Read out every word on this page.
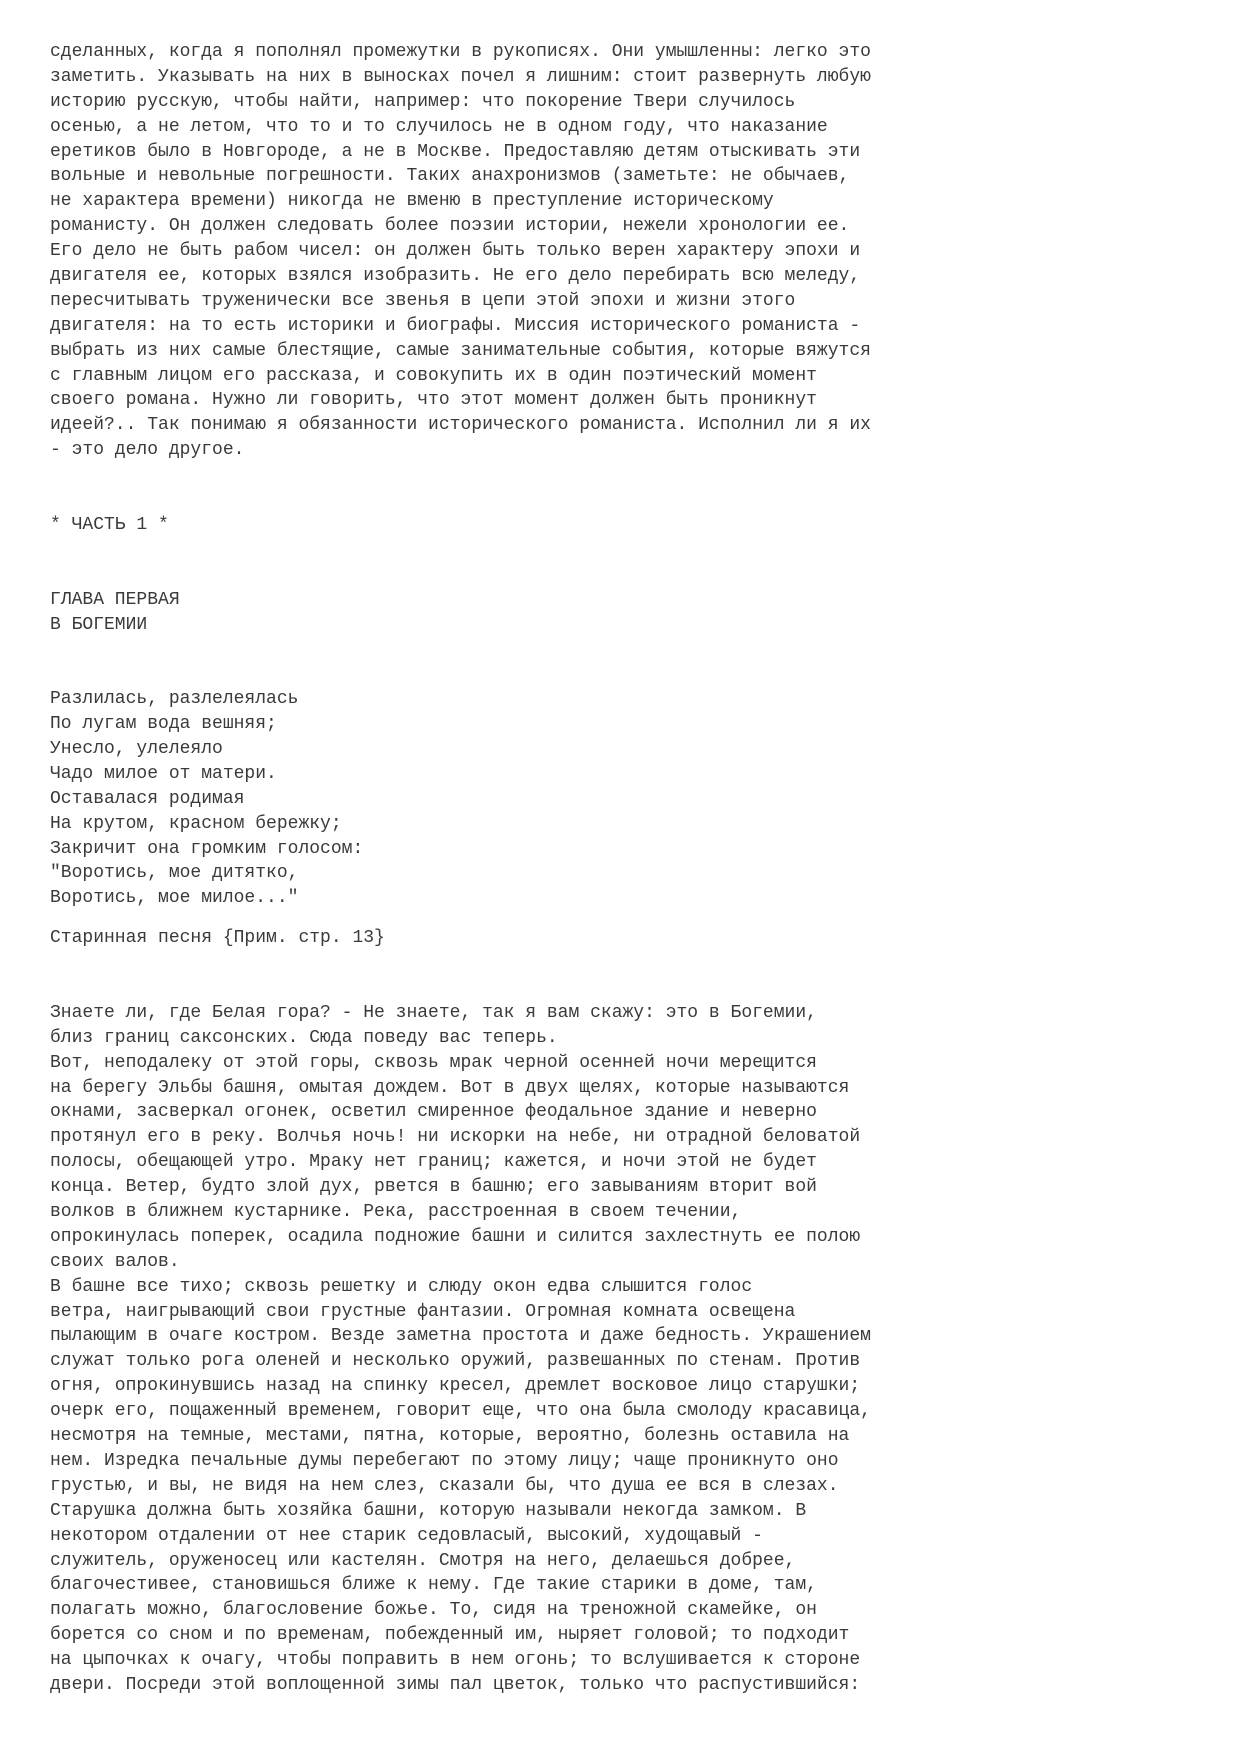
сделанных, когда я пополнял промежутки в рукописях. Они умышленны: легко это
заметить. Указывать на них в выносках почел я лишним: стоит развернуть любую
историю русскую, чтобы найти, например: что покорение Твери случилось
осенью, а не летом, что то и то случилось не в одном году, что наказание
еретиков было в Новгороде, а не в Москве. Предоставляю детям отыскивать эти
вольные и невольные погрешности. Таких анахронизмов (заметьте: не обычаев,
не характера времени) никогда не вменю в преступление историческому
романисту. Он должен следовать более поэзии истории, нежели хронологии ее.
Его дело не быть рабом чисел: он должен быть только верен характеру эпохи и
двигателя ее, которых взялся изобразить. Не его дело перебирать всю меледу,
пересчитывать труженически все звенья в цепи этой эпохи и жизни этого
двигателя: на то есть историки и биографы. Миссия исторического романиста -
выбрать из них самые блестящие, самые занимательные события, которые вяжутся
с главным лицом его рассказа, и совокупить их в один поэтический момент
своего романа. Нужно ли говорить, что этот момент должен быть проникнут
идеей?.. Так понимаю я обязанности исторического романиста. Исполнил ли я их
- это дело другое.
* ЧАСТЬ 1 *
ГЛАВА ПЕРВАЯ
В БОГЕМИИ
Разлилась, разлелеялась
По лугам вода вешняя;
Унесло, улелеяло
Чадо милое от матери.
Оставалася родимая
На крутом, красном бережку;
Закричит она громким голосом:
"Воротись, мое дитятко,
Воротись, мое милое..."
Старинная песня {Прим. стр. 13}
Знаете ли, где Белая гора? - Не знаете, так я вам скажу: это в Богемии,
близ границ саксонских. Сюда поведу вас теперь.
Вот, неподалеку от этой горы, сквозь мрак черной осенней ночи мерещится
на берегу Эльбы башня, омытая дождем. Вот в двух щелях, которые называются
окнами, засверкал огонек, осветил смиренное феодальное здание и неверно
протянул его в реку. Волчья ночь! ни искорки на небе, ни отрадной беловатой
полосы, обещающей утро. Мраку нет границ; кажется, и ночи этой не будет
конца. Ветер, будто злой дух, рвется в башню; его завываниям вторит вой
волков в ближнем кустарнике. Река, расстроенная в своем течении,
опрокинулась поперек, осадила подножие башни и силится захлестнуть ее полою
своих валов.
В башне все тихо; сквозь решетку и слюду окон едва слышится голос
ветра, наигрывающий свои грустные фантазии. Огромная комната освещена
пылающим в очаге костром. Везде заметна простота и даже бедность. Украшением
служат только рога оленей и несколько оружий, развешанных по стенам. Против
огня, опрокинувшись назад на спинку кресел, дремлет восковое лицо старушки;
очерк его, пощаженный временем, говорит еще, что она была смолоду красавица,
несмотря на темные, местами, пятна, которые, вероятно, болезнь оставила на
нем. Изредка печальные думы перебегают по этому лицу; чаще проникнуто оно
грустью, и вы, не видя на нем слез, сказали бы, что душа ее вся в слезах.
Старушка должна быть хозяйка башни, которую называли некогда замком. В
некотором отдалении от нее старик седовласый, высокий, худощавый -
служитель, оруженосец или кастелян. Смотря на него, делаешься добрее,
благочестивее, становишься ближе к нему. Где такие старики в доме, там,
полагать можно, благословение божье. То, сидя на треножной скамейке, он
борется со сном и по временам, побежденный им, ныряет головой; то подходит
на цыпочках к очагу, чтобы поправить в нем огонь; то вслушивается к стороне
двери. Посреди этой воплощенной зимы пал цветок, только что распустившийся:
